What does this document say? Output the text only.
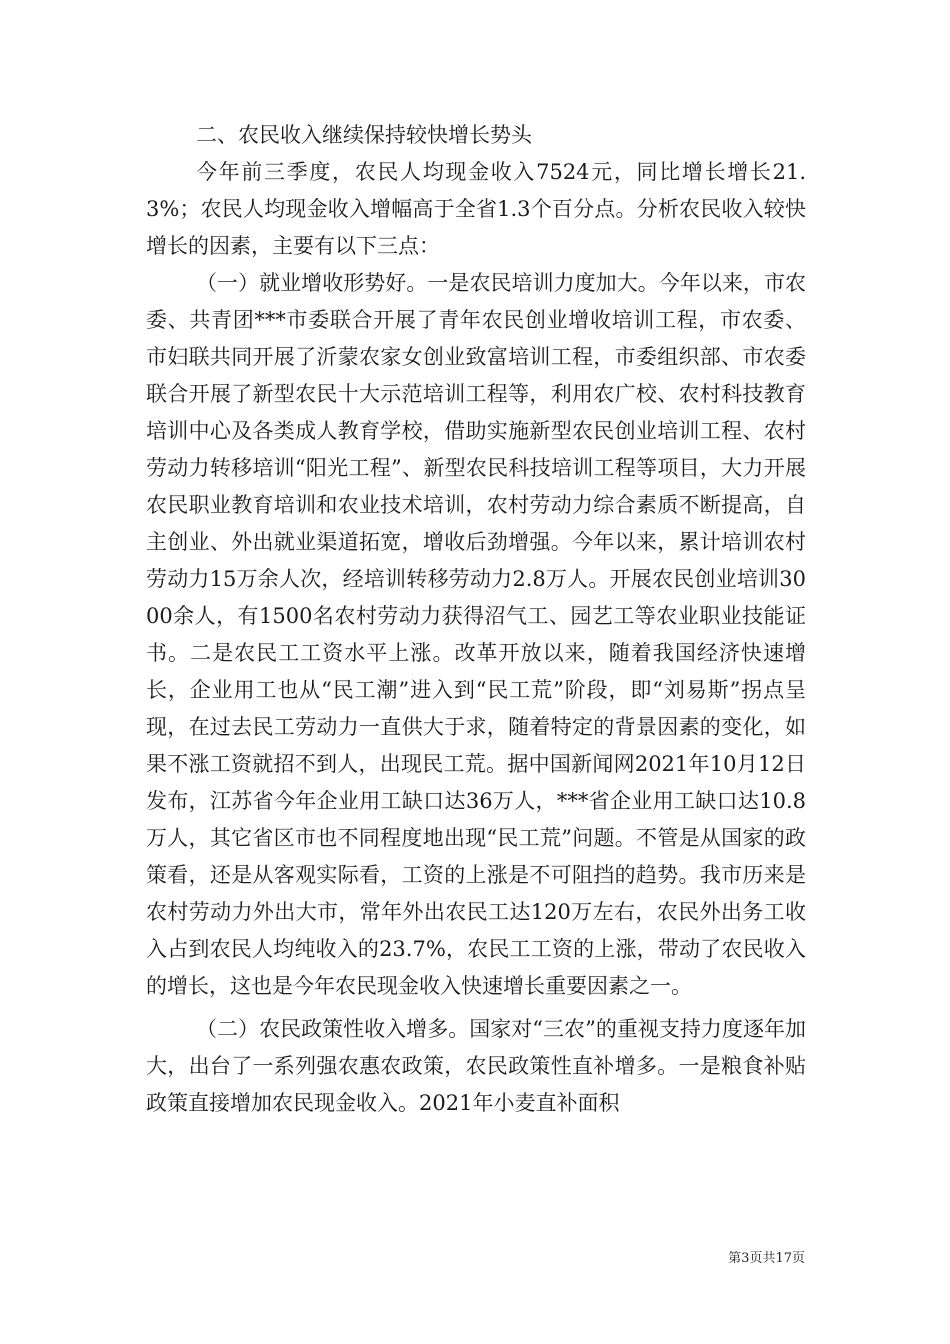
二、农民收入继续保持较快增长势头

今年前三季度，农民人均现金收入7524元，同比增长增长21.3%；农民人均现金收入增幅高于全省1.3个百分点。分析农民收入较快增长的因素，主要有以下三点：

（一）就业增收形势好。一是农民培训力度加大。今年以来，市农委、共青团***市委联合开展了青年农民创业增收培训工程，市农委、市妇联共同开展了沂蒙农家女创业致富培训工程，市委组织部、市农委联合开展了新型农民十大示范培训工程等，利用农广校、农村科技教育培训中心及各类成人教育学校，借助实施新型农民创业培训工程、农村劳动力转移培训“阳光工程”、新型农民科技培训工程等项目，大力开展农民职业教育培训和农业技术培训，农村劳动力综合素质不断提高，自主创业、外出就业渠道拓宽，增收后劲增强。今年以来，累计培训农村劳动力15万余人次，经培训转移劳动力2.8万人。开展农民创业培训3000余人，有1500名农村劳动力获得沼气工、园艺工等农业职业技能证书。二是农民工工资水平上涨。改革开放以来，随着我国经济快速增长，企业用工也从“民工潮”进入到“民工荒”阶段，即“刘易斯”拐点呈现，在过去民工劳动力一直供大于求，随着特定的背景因素的变化，如果不涨工资就招不到人，出现民工荒。据中国新闻网2021年10月12日发布，江苏省今年企业用工缺口达36万人，***省企业用工缺口达10.8万人，其它省区市也不同程度地出现“民工荒”问题。不管是从国家的政策看，还是从客观实际看，工资的上涨是不可阻挡的趋势。我市历来是农村劳动力外出大市，常年外出农民工达120万左右，农民外出务工收入占到农民人均纯收入的23.7%，农民工工资的上涨，带动了农民收入的增长，这也是今年农民现金收入快速增长重要因素之一。

（二）农民政策性收入增多。国家对“三农”的重视支持力度逐年加大，出台了一系列强农惠农政策，农民政策性直补增多。一是粮食补贴政策直接增加农民现金收入。2021年小麦直补面积

第3页共17页
